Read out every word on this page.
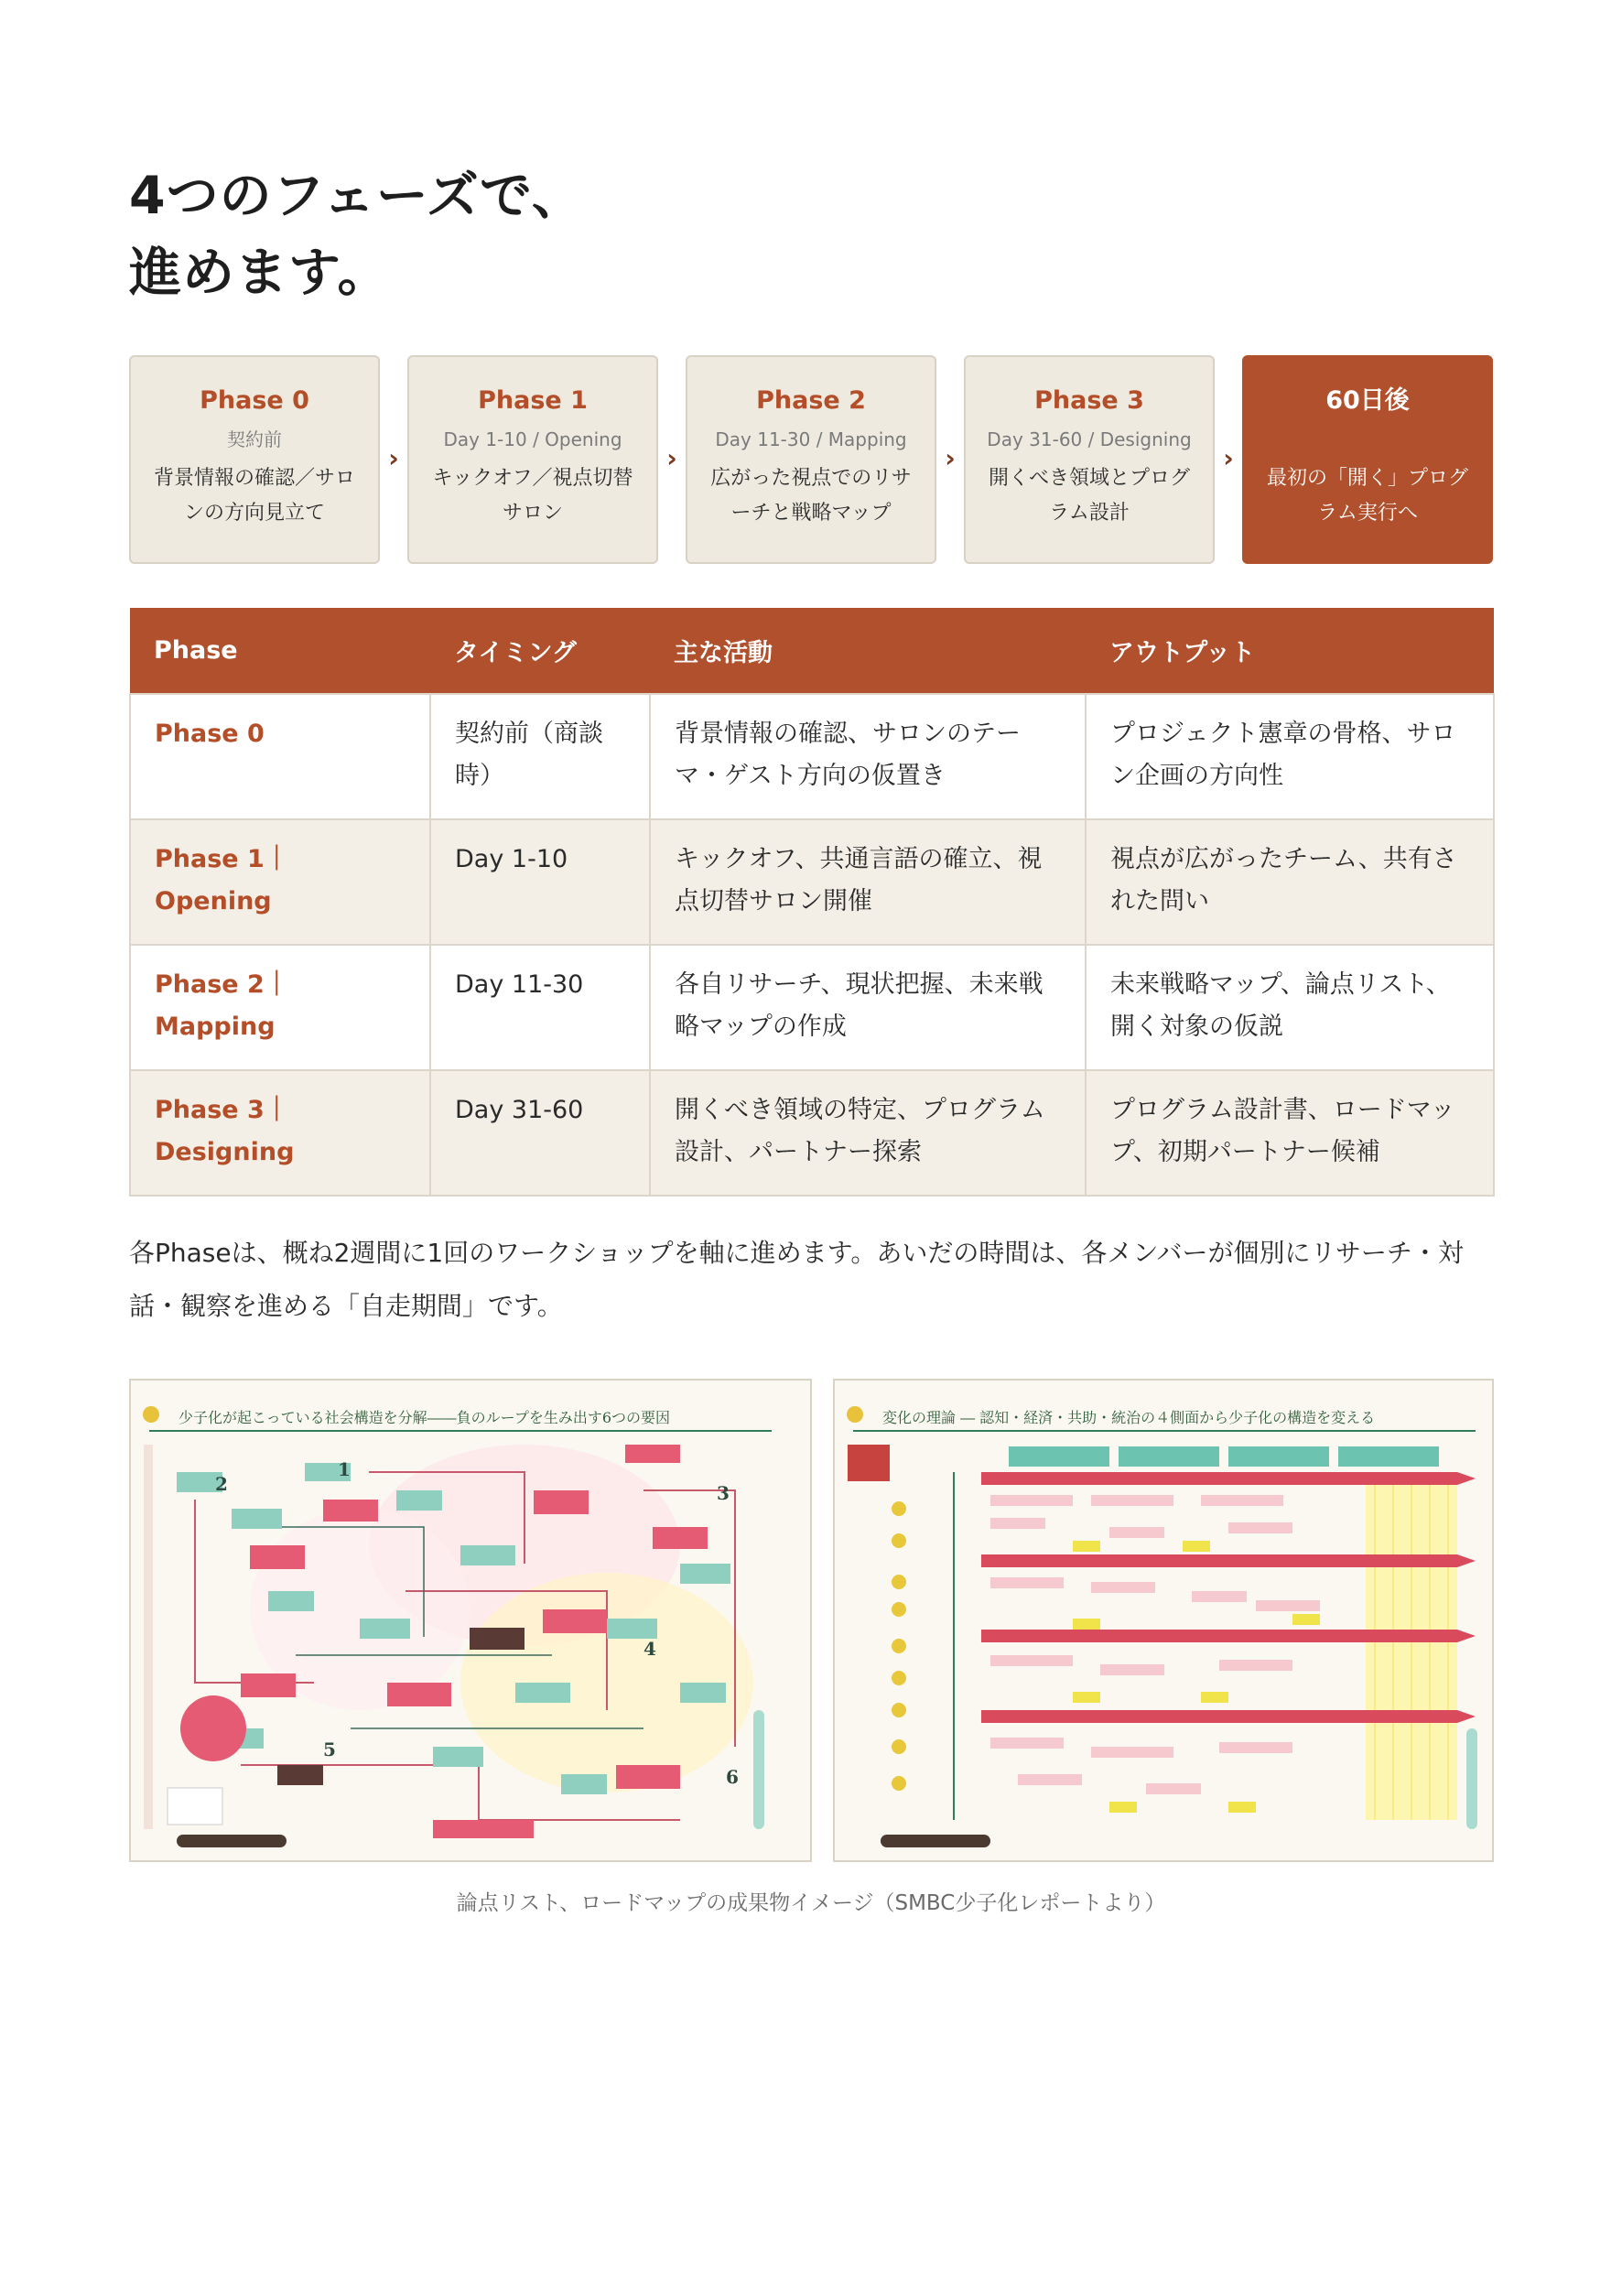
4つのフェーズで、
進めます。
Phase 0
契約前
背景情報の確認／サロンの方向見立て
›
Phase 1
Day 1-10 / Opening
キックオフ／視点切替サロン
›
Phase 2
Day 11-30 / Mapping
広がった視点でのリサーチと戦略マップ
›
Phase 3
Day 31-60 / Designing
開くべき領域とプログラム設計
›
60日後
最初の「開く」プログラム実行へ
Phase	タイミング	主な活動	アウトプット
Phase 0	契約前（商談時）	背景情報の確認、サロンのテーマ・ゲスト方向の仮置き	プロジェクト憲章の骨格、サロン企画の方向性
Phase 1｜Opening	Day 1-10	キックオフ、共通言語の確立、視点切替サロン開催	視点が広がったチーム、共有された問い
Phase 2｜Mapping	Day 11-30	各自リサーチ、現状把握、未来戦略マップの作成	未来戦略マップ、論点リスト、開く対象の仮説
Phase 3｜Designing	Day 31-60	開くべき領域の特定、プログラム設計、パートナー探索	プログラム設計書、ロードマップ、初期パートナー候補
各Phaseは、概ね2週間に1回のワークショップを軸に進めます。あいだの時間は、各メンバーが個別にリサーチ・対話・観察を進める「自走期間」です。
少子化が起こっている社会構造を分解――負のループを生み出す6つの要因
2
1
3
4
5
6
変化の理論 ― 認知・経済・共助・統治の４側面から少子化の構造を変える
論点リスト、ロードマップの成果物イメージ（SMBC少子化レポートより）
